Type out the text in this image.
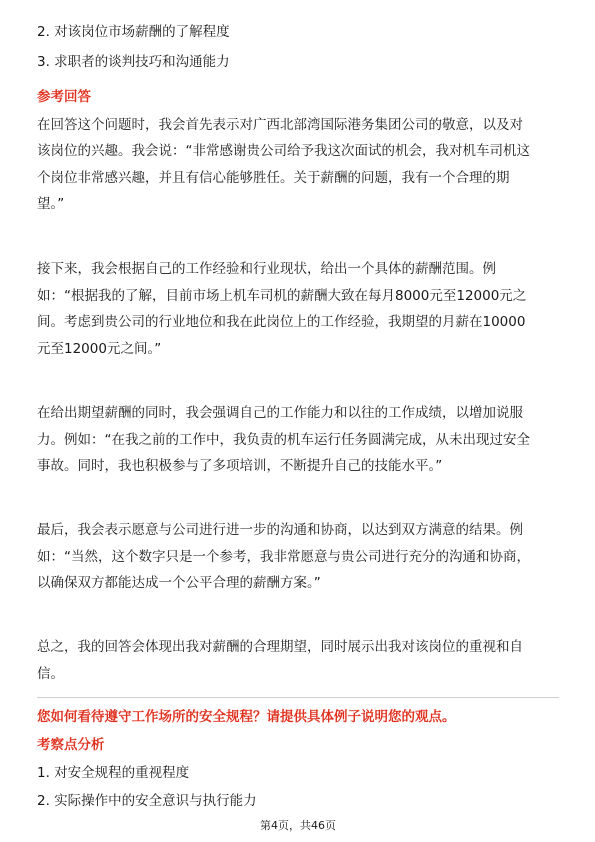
2. 对该岗位市场薪酬的了解程度
3. 求职者的谈判技巧和沟通能力
参考回答
在回答这个问题时，我会首先表示对广西北部湾国际港务集团公司的敬意，以及对
该岗位的兴趣。我会说：“非常感谢贵公司给予我这次面试的机会，我对机车司机这
个岗位非常感兴趣，并且有信心能够胜任。关于薪酬的问题，我有一个合理的期
望。”
接下来，我会根据自己的工作经验和行业现状，给出一个具体的薪酬范围。例
如：“根据我的了解，目前市场上机车司机的薪酬大致在每月8000元至12000元之
间。考虑到贵公司的行业地位和我在此岗位上的工作经验，我期望的月薪在10000
元至12000元之间。”
在给出期望薪酬的同时，我会强调自己的工作能力和以往的工作成绩，以增加说服
力。例如：“在我之前的工作中，我负责的机车运行任务圆满完成，从未出现过安全
事故。同时，我也积极参与了多项培训，不断提升自己的技能水平。”
最后，我会表示愿意与公司进行进一步的沟通和协商，以达到双方满意的结果。例
如：“当然，这个数字只是一个参考，我非常愿意与贵公司进行充分的沟通和协商，
以确保双方都能达成一个公平合理的薪酬方案。”
总之，我的回答会体现出我对薪酬的合理期望，同时展示出我对该岗位的重视和自
信。
您如何看待遵守工作场所的安全规程？请提供具体例子说明您的观点。
考察点分析
1. 对安全规程的重视程度
2. 实际操作中的安全意识与执行能力
第4页，共46页
